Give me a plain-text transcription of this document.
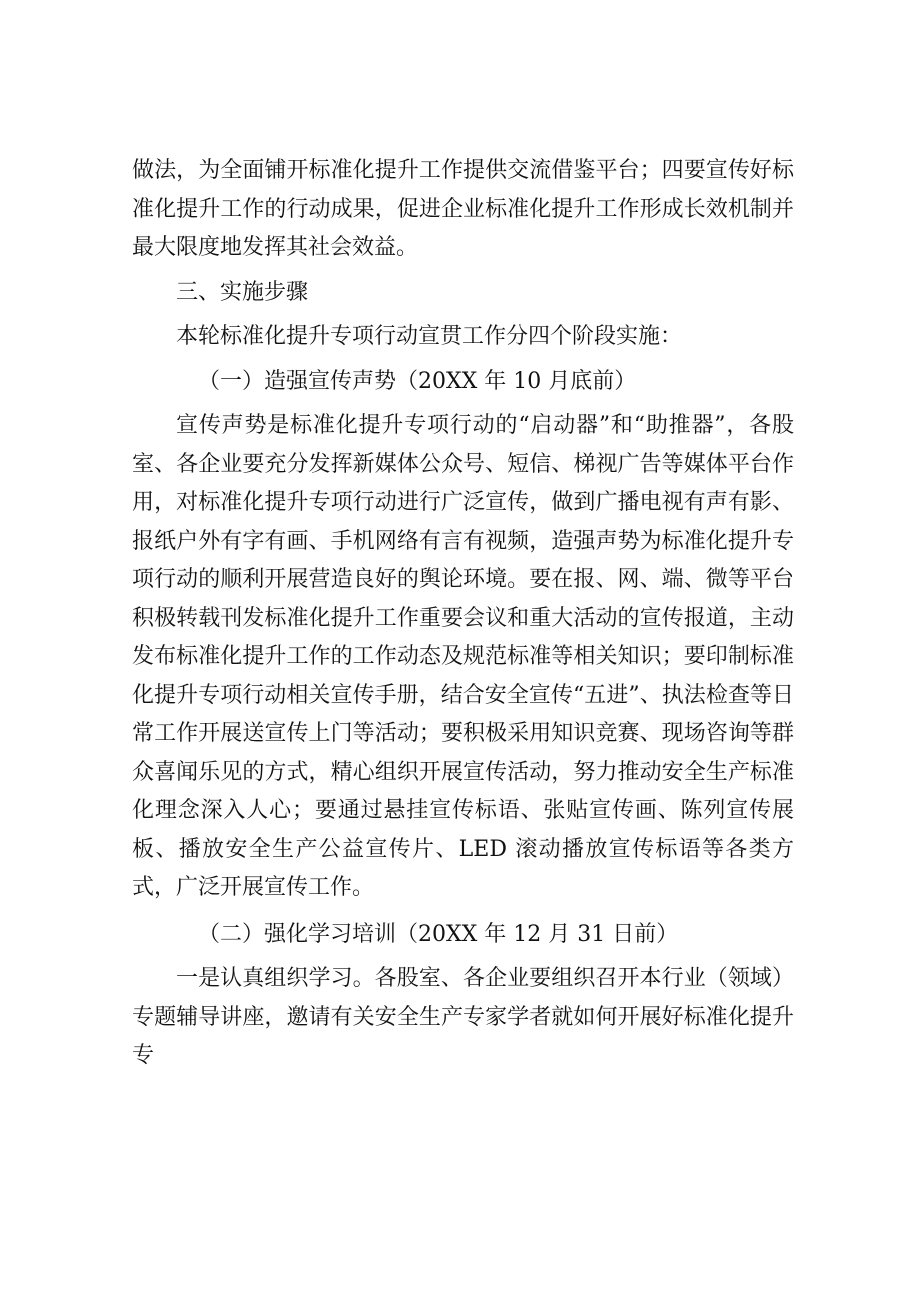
做法，为全面铺开标准化提升工作提供交流借鉴平台；四要宣传好标准化提升工作的行动成果，促进企业标准化提升工作形成长效机制并最大限度地发挥其社会效益。

三、实施步骤

本轮标准化提升专项行动宣贯工作分四个阶段实施：

（一）造强宣传声势（20XX 年 10 月底前）

宣传声势是标准化提升专项行动的“启动器”和“助推器”，各股室、各企业要充分发挥新媒体公众号、短信、梯视广告等媒体平台作用，对标准化提升专项行动进行广泛宣传，做到广播电视有声有影、报纸户外有字有画、手机网络有言有视频，造强声势为标准化提升专项行动的顺利开展营造良好的舆论环境。要在报、网、端、微等平台积极转载刊发标准化提升工作重要会议和重大活动的宣传报道，主动发布标准化提升工作的工作动态及规范标准等相关知识；要印制标准化提升专项行动相关宣传手册，结合安全宣传“五进”、执法检查等日常工作开展送宣传上门等活动；要积极采用知识竞赛、现场咨询等群众喜闻乐见的方式，精心组织开展宣传活动，努力推动安全生产标准化理念深入人心；要通过悬挂宣传标语、张贴宣传画、陈列宣传展板、播放安全生产公益宣传片、LED 滚动播放宣传标语等各类方式，广泛开展宣传工作。

（二）强化学习培训（20XX 年 12 月 31 日前）

一是认真组织学习。各股室、各企业要组织召开本行业（领域）专题辅导讲座，邀请有关安全生产专家学者就如何开展好标准化提升专
